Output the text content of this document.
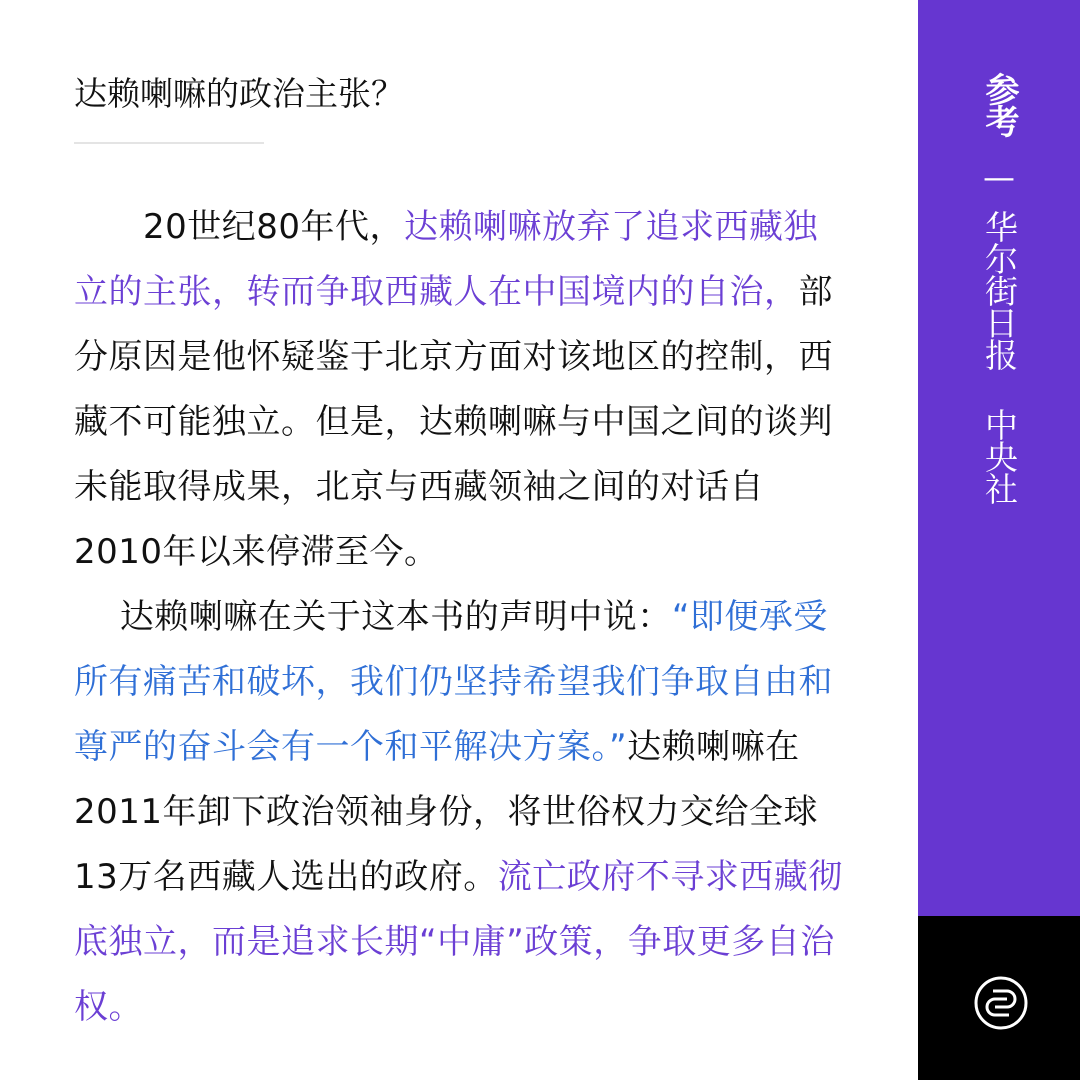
达赖喇嘛的政治主张？

　　20世纪80年代，达赖喇嘛放弃了追求西藏独立的主张，转而争取西藏人在中国境内的自治，部分原因是他怀疑鉴于北京方面对该地区的控制，西藏不可能独立。但是，达赖喇嘛与中国之间的谈判未能取得成果，北京与西藏领袖之间的对话自2010年以来停滞至今。

　 达赖喇嘛在关于这本书的声明中说：“即便承受所有痛苦和破坏，我们仍坚持希望我们争取自由和尊严的奋斗会有一个和平解决方案。”达赖喇嘛在2011年卸下政治领袖身份，将世俗权力交给全球13万名西藏人选出的政府。流亡政府不寻求西藏彻底独立，而是追求长期“中庸”政策，争取更多自治权。

参考
—
华尔街日报 中央社
